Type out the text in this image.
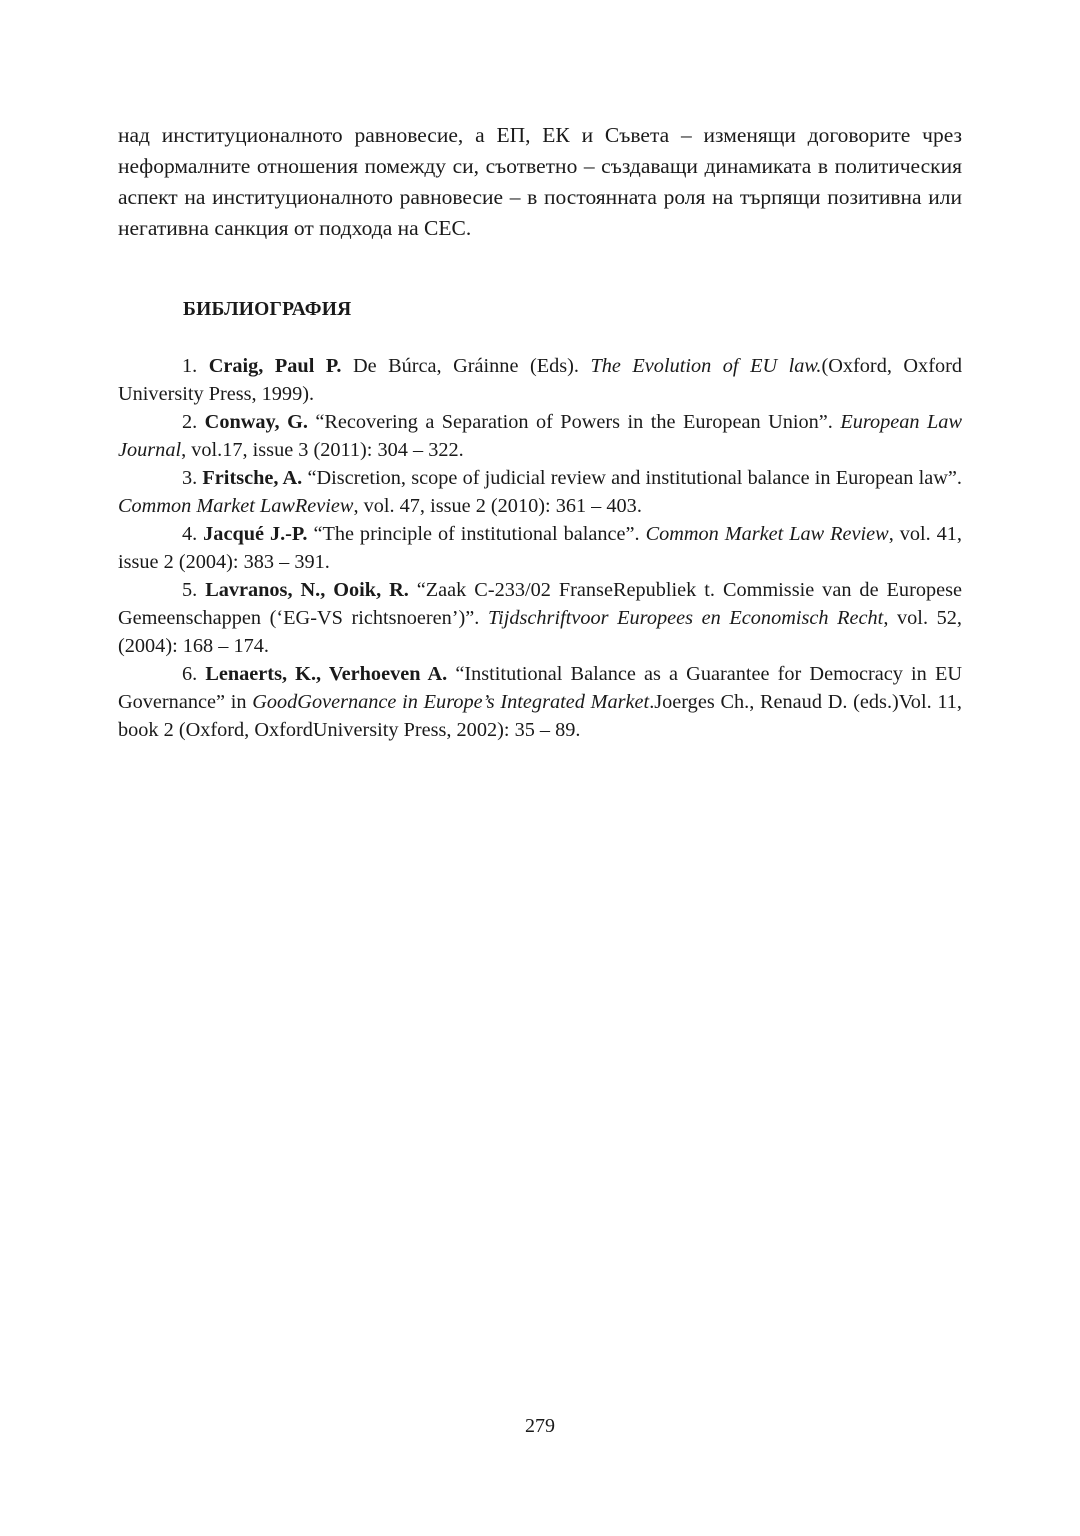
над институционалното равновесие, а ЕП, ЕК и Съвета – изменящи договорите чрез неформалните отношения помежду си, съответно – създаващи динамиката в политическия аспект на институционалното равновесие – в постоянната роля на търпящи позитивна или негативна санкция от подхода на СЕС.

БИБЛИОГРАФИЯ
1. Craig, Paul P. De Búrca, Gráinne (Eds). The Evolution of EU law.(Oxford, Oxford University Press, 1999).
2. Conway, G. “Recovering a Separation of Powers in the European Union”. European Law Journal, vol.17, issue 3 (2011): 304 – 322.
3. Fritsche, A. “Discretion, scope of judicial review and institutional balance in European law”. Common Market LawReview, vol. 47, issue 2 (2010): 361 – 403.
4. Jacqué J.-P. “The principle of institutional balance”. Common Market Law Review, vol. 41, issue 2 (2004): 383 – 391.
5. Lavranos, N., Ooik, R. “Zaak C-233/02 FranseRepubliek t. Commissie van de Europese Gemeenschappen (‘EG-VS richtsnoeren’)”. Tijdschriftvoor Europees en Economisch Recht, vol. 52, (2004): 168 – 174.
6. Lenaerts, K., Verhoeven A. “Institutional Balance as a Guarantee for Democracy in EU Governance” in GoodGovernance in Europe’s Integrated Market.Joerges Ch., Renaud D. (eds.)Vol. 11, book 2 (Oxford, OxfordUniversity Press, 2002): 35 – 89.

279
